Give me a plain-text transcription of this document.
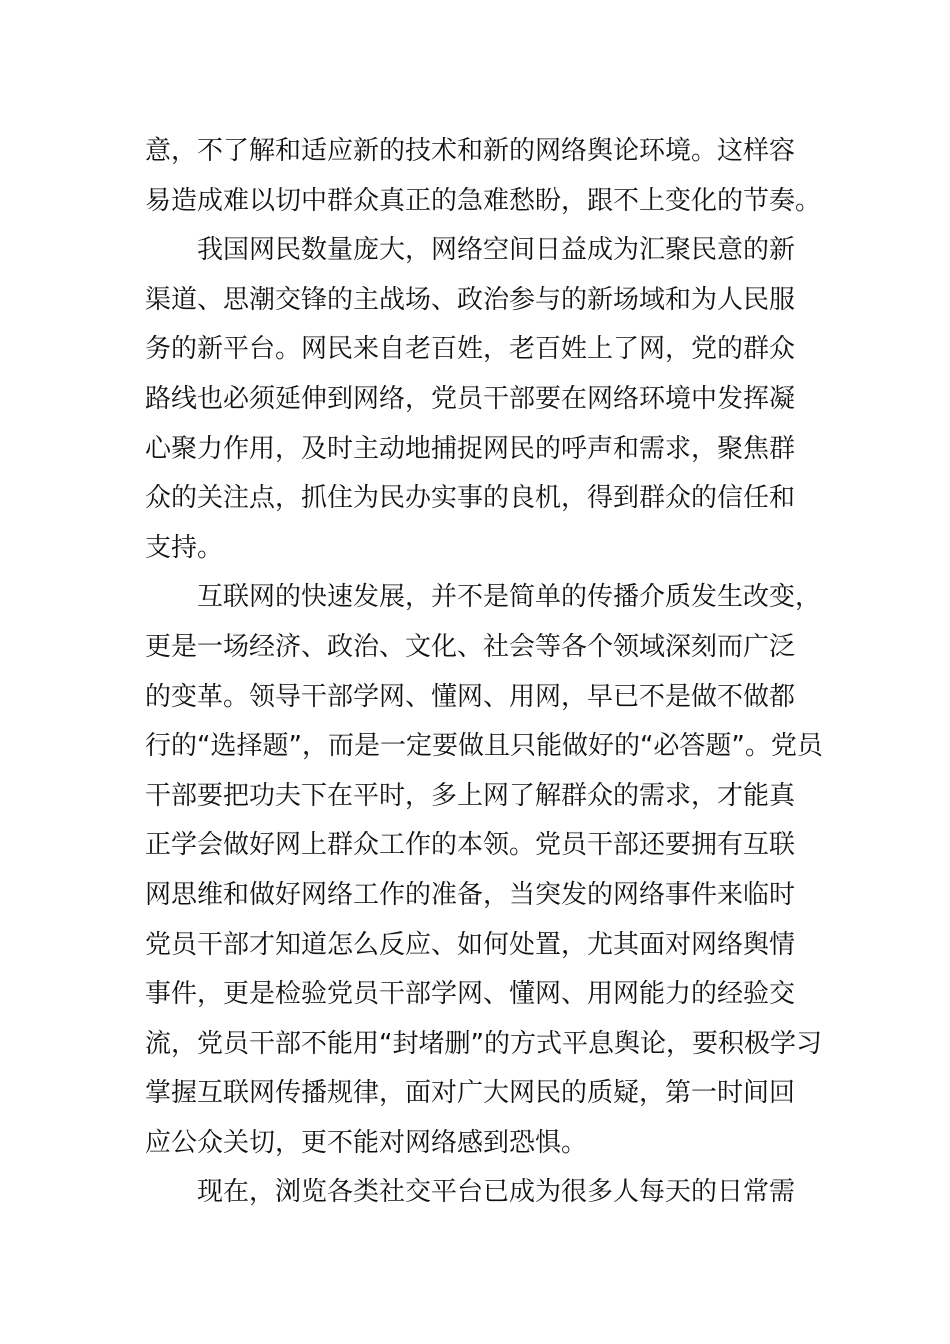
意，不了解和适应新的技术和新的网络舆论环境。这样容
易造成难以切中群众真正的急难愁盼，跟不上变化的节奏。
我国网民数量庞大，网络空间日益成为汇聚民意的新
渠道、思潮交锋的主战场、政治参与的新场域和为人民服
务的新平台。网民来自老百姓，老百姓上了网，党的群众
路线也必须延伸到网络，党员干部要在网络环境中发挥凝
心聚力作用，及时主动地捕捉网民的呼声和需求，聚焦群
众的关注点，抓住为民办实事的良机，得到群众的信任和
支持。
互联网的快速发展，并不是简单的传播介质发生改变，
更是一场经济、政治、文化、社会等各个领域深刻而广泛
的变革。领导干部学网、懂网、用网，早已不是做不做都
行的“选择题”，而是一定要做且只能做好的“必答题”。党员
干部要把功夫下在平时，多上网了解群众的需求，才能真
正学会做好网上群众工作的本领。党员干部还要拥有互联
网思维和做好网络工作的准备，当突发的网络事件来临时
党员干部才知道怎么反应、如何处置，尤其面对网络舆情
事件，更是检验党员干部学网、懂网、用网能力的经验交
流，党员干部不能用“封堵删”的方式平息舆论，要积极学习
掌握互联网传播规律，面对广大网民的质疑，第一时间回
应公众关切，更不能对网络感到恐惧。
现在，浏览各类社交平台已成为很多人每天的日常需
